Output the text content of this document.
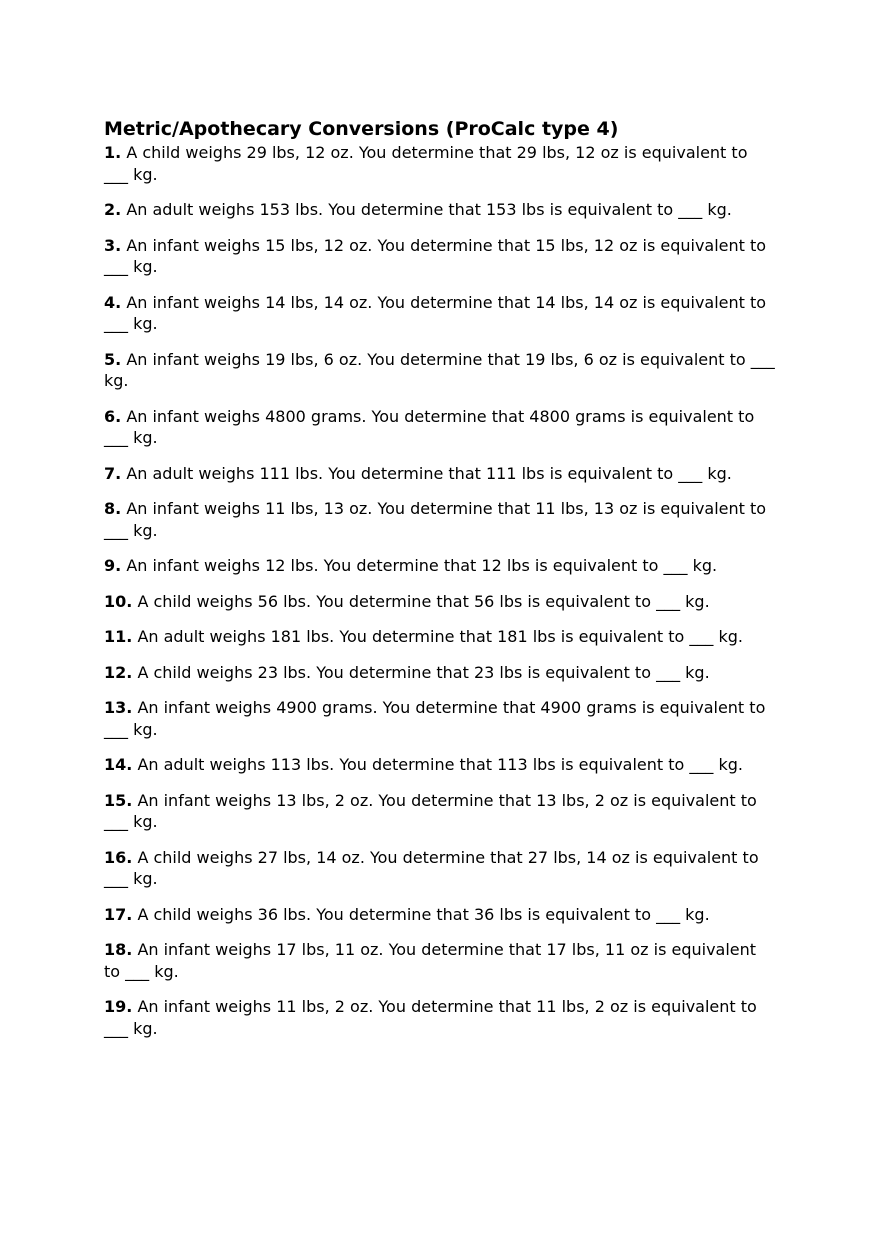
Metric/Apothecary Conversions (ProCalc type 4)
1. A child weighs 29 lbs, 12 oz. You determine that 29 lbs, 12 oz is equivalent to ___ kg.
2. An adult weighs 153 lbs. You determine that 153 lbs is equivalent to ___ kg.
3. An infant weighs 15 lbs, 12 oz. You determine that 15 lbs, 12 oz is equivalent to ___ kg.
4. An infant weighs 14 lbs, 14 oz. You determine that 14 lbs, 14 oz is equivalent to ___ kg.
5. An infant weighs 19 lbs, 6 oz. You determine that 19 lbs, 6 oz is equivalent to ___ kg.
6. An infant weighs 4800 grams. You determine that 4800 grams is equivalent to ___ kg.
7. An adult weighs 111 lbs. You determine that 111 lbs is equivalent to ___ kg.
8. An infant weighs 11 lbs, 13 oz. You determine that 11 lbs, 13 oz is equivalent to ___ kg.
9. An infant weighs 12 lbs. You determine that 12 lbs is equivalent to ___ kg.
10. A child weighs 56 lbs. You determine that 56 lbs is equivalent to ___ kg.
11. An adult weighs 181 lbs. You determine that 181 lbs is equivalent to ___ kg.
12. A child weighs 23 lbs. You determine that 23 lbs is equivalent to ___ kg.
13. An infant weighs 4900 grams. You determine that 4900 grams is equivalent to ___ kg.
14. An adult weighs 113 lbs. You determine that 113 lbs is equivalent to ___ kg.
15. An infant weighs 13 lbs, 2 oz. You determine that 13 lbs, 2 oz is equivalent to ___ kg.
16. A child weighs 27 lbs, 14 oz. You determine that 27 lbs, 14 oz is equivalent to ___ kg.
17. A child weighs 36 lbs. You determine that 36 lbs is equivalent to ___ kg.
18. An infant weighs 17 lbs, 11 oz. You determine that 17 lbs, 11 oz is equivalent to ___ kg.
19. An infant weighs 11 lbs, 2 oz. You determine that 11 lbs, 2 oz is equivalent to ___ kg.
